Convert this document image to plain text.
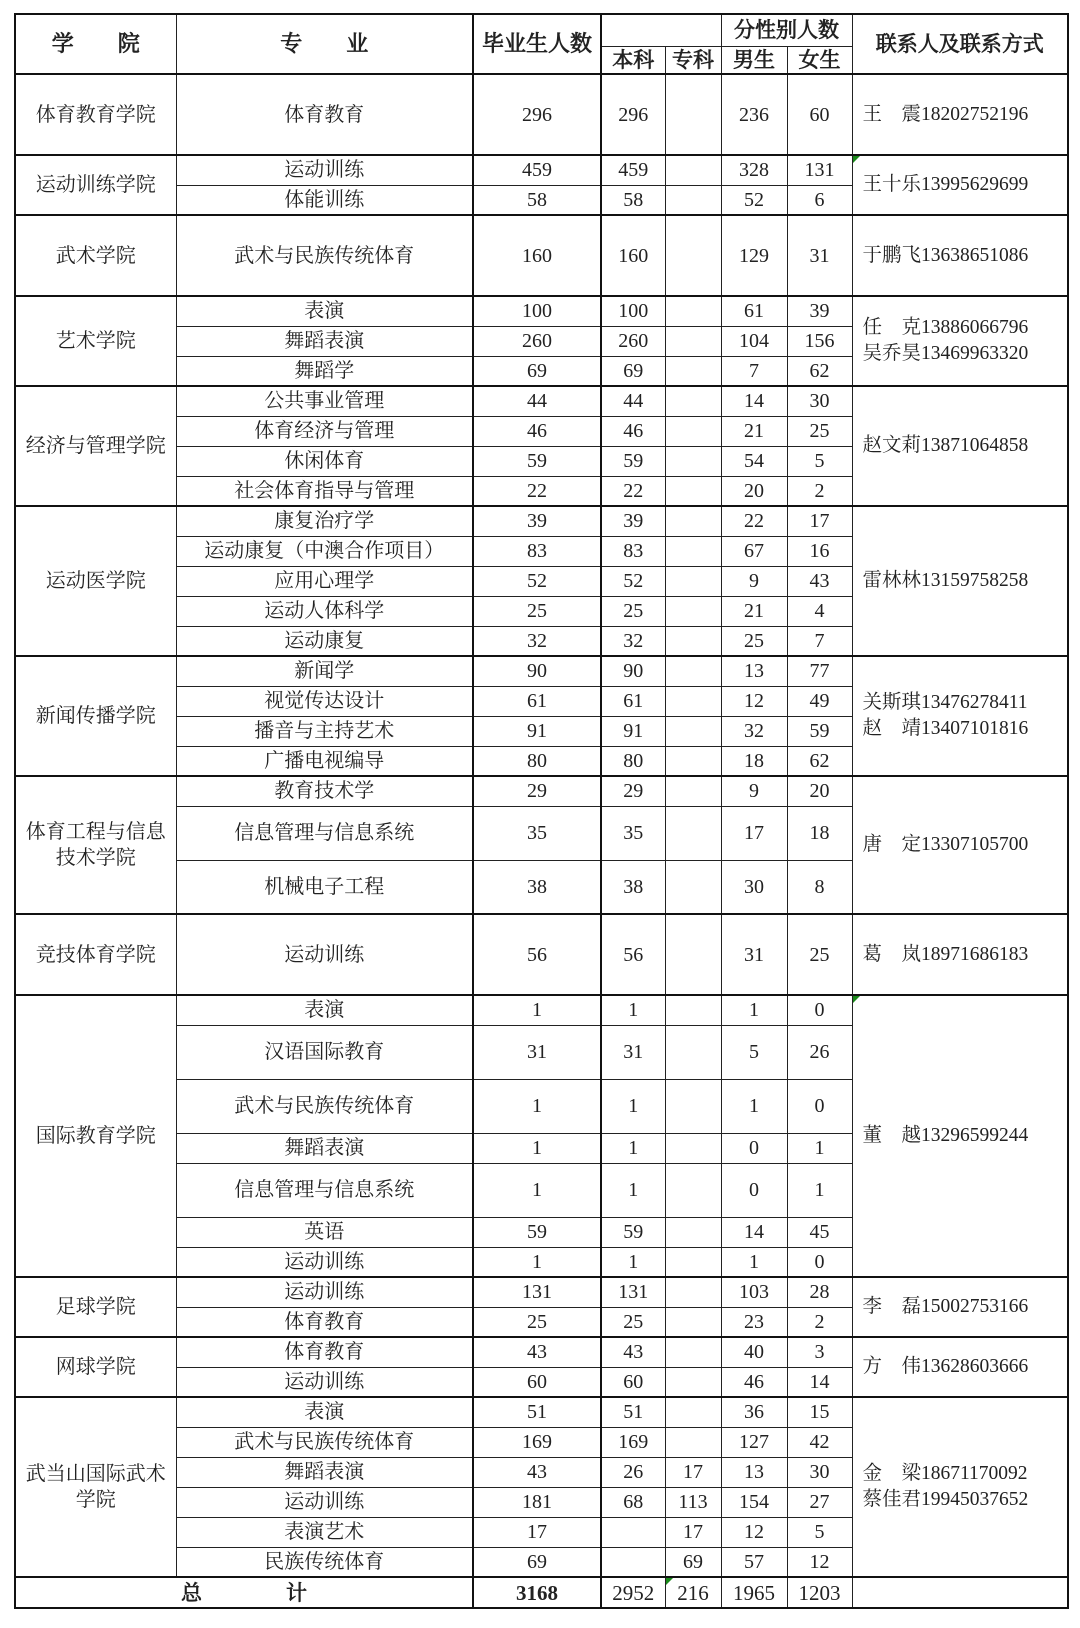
学　　院	专　　业	毕业生人数			分性别人数		联系人及联系方式
			本科	专科	男生	女生	
体育教育学院	体育教育	296	296		236	60	王　震18202752196

运动训练学院	运动训练	459	459		328	131	王十乐13995629699

	体能训练	58	58		52	6	
武术学院	武术与民族传统体育	160	160		129	31	于鹏飞13638651086

艺术学院	表演	100	100		61	39	任　克13886066796
吴乔昊13469963320

	舞蹈表演	260	260		104	156	
	舞蹈学	69	69		7	62	
经济与管理学院	公共事业管理	44	44		14	30	赵文莉13871064858

	体育经济与管理	46	46		21	25	
	休闲体育	59	59		54	5	
	社会体育指导与管理	22	22		20	2	
运动医学院	康复治疗学	39	39		22	17	雷林林13159758258

	运动康复（中澳合作项目）	83	83		67	16	
	应用心理学	52	52		9	43	
	运动人体科学	25	25		21	4	
	运动康复	32	32		25	7	
新闻传播学院	新闻学	90	90		13	77	关斯琪13476278411
赵　靖13407101816

	视觉传达设计	61	61		12	49	
	播音与主持艺术	91	91		32	59	
	广播电视编导	80	80		18	62	
体育工程与信息技术学院	教育技术学	29	29		9	20	唐　定13307105700

	信息管理与信息系统	35	35		17	18	
	机械电子工程	38	38		30	8	
竞技体育学院	运动训练	56	56		31	25	葛　岚18971686183

国际教育学院	表演	1	1		1	0	董　越13296599244

	汉语国际教育	31	31		5	26	
	武术与民族传统体育	1	1		1	0	
	舞蹈表演	1	1		0	1	
	信息管理与信息系统	1	1		0	1	
	英语	59	59		14	45	
	运动训练	1	1		1	0	
足球学院	运动训练	131	131		103	28	李　磊15002753166

	体育教育	25	25		23	2	
网球学院	体育教育	43	43		40	3	方　伟13628603666

	运动训练	60	60		46	14	
武当山国际武术学院	表演	51	51		36	15	金　梁18671170092
蔡佳君19945037652

	武术与民族传统体育	169	169		127	42	
	舞蹈表演	43	26	17	13	30	
	运动训练	181	68	113	154	27	
	表演艺术	17		17	12	5	
	民族传统体育	69		69	57	12	
总　　　　计		3168	2952	216	1965	1203	
